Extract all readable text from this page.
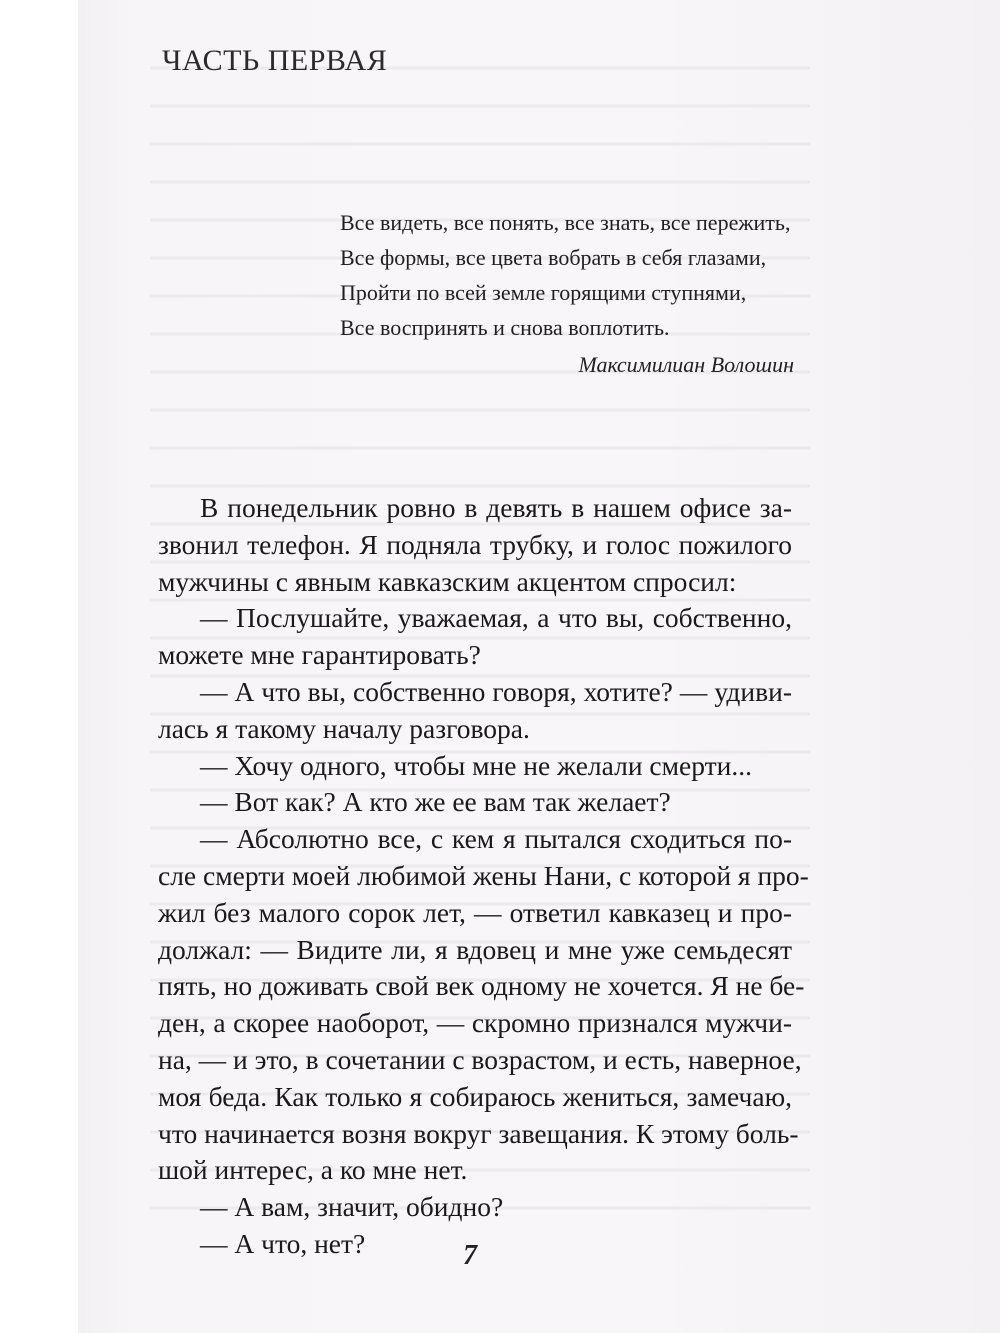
ЧАСТЬ ПЕРВАЯ
Все видеть, все понять, все знать, все пережить,
Все формы, все цвета вобрать в себя глазами,
Пройти по всей земле горящими ступнями,
Все воспринять и снова воплотить.
Максимилиан Волошин
В понедельник ровно в девять в нашем офисе за-
звонил телефон. Я подняла трубку, и голос пожилого
мужчины с явным кавказским акцентом спросил:
— Послушайте, уважаемая, а что вы, собственно,
можете мне гарантировать?
— А что вы, собственно говоря, хотите? — удиви-
лась я такому началу разговора.
— Хочу одного, чтобы мне не желали смерти...
— Вот как? А кто же ее вам так желает?
— Абсолютно все, с кем я пытался сходиться по-
сле смерти моей любимой жены Нани, с которой я про-
жил без малого сорок лет, — ответил кавказец и про-
должал: — Видите ли, я вдовец и мне уже семьдесят
пять, но доживать свой век одному не хочется. Я не бе-
ден, а скорее наоборот, — скромно признался мужчи-
на, — и это, в сочетании с возрастом, и есть, наверное,
моя беда. Как только я собираюсь жениться, замечаю,
что начинается возня вокруг завещания. К этому боль-
шой интерес, а ко мне нет.
— А вам, значит, обидно?
— А что, нет?	7
